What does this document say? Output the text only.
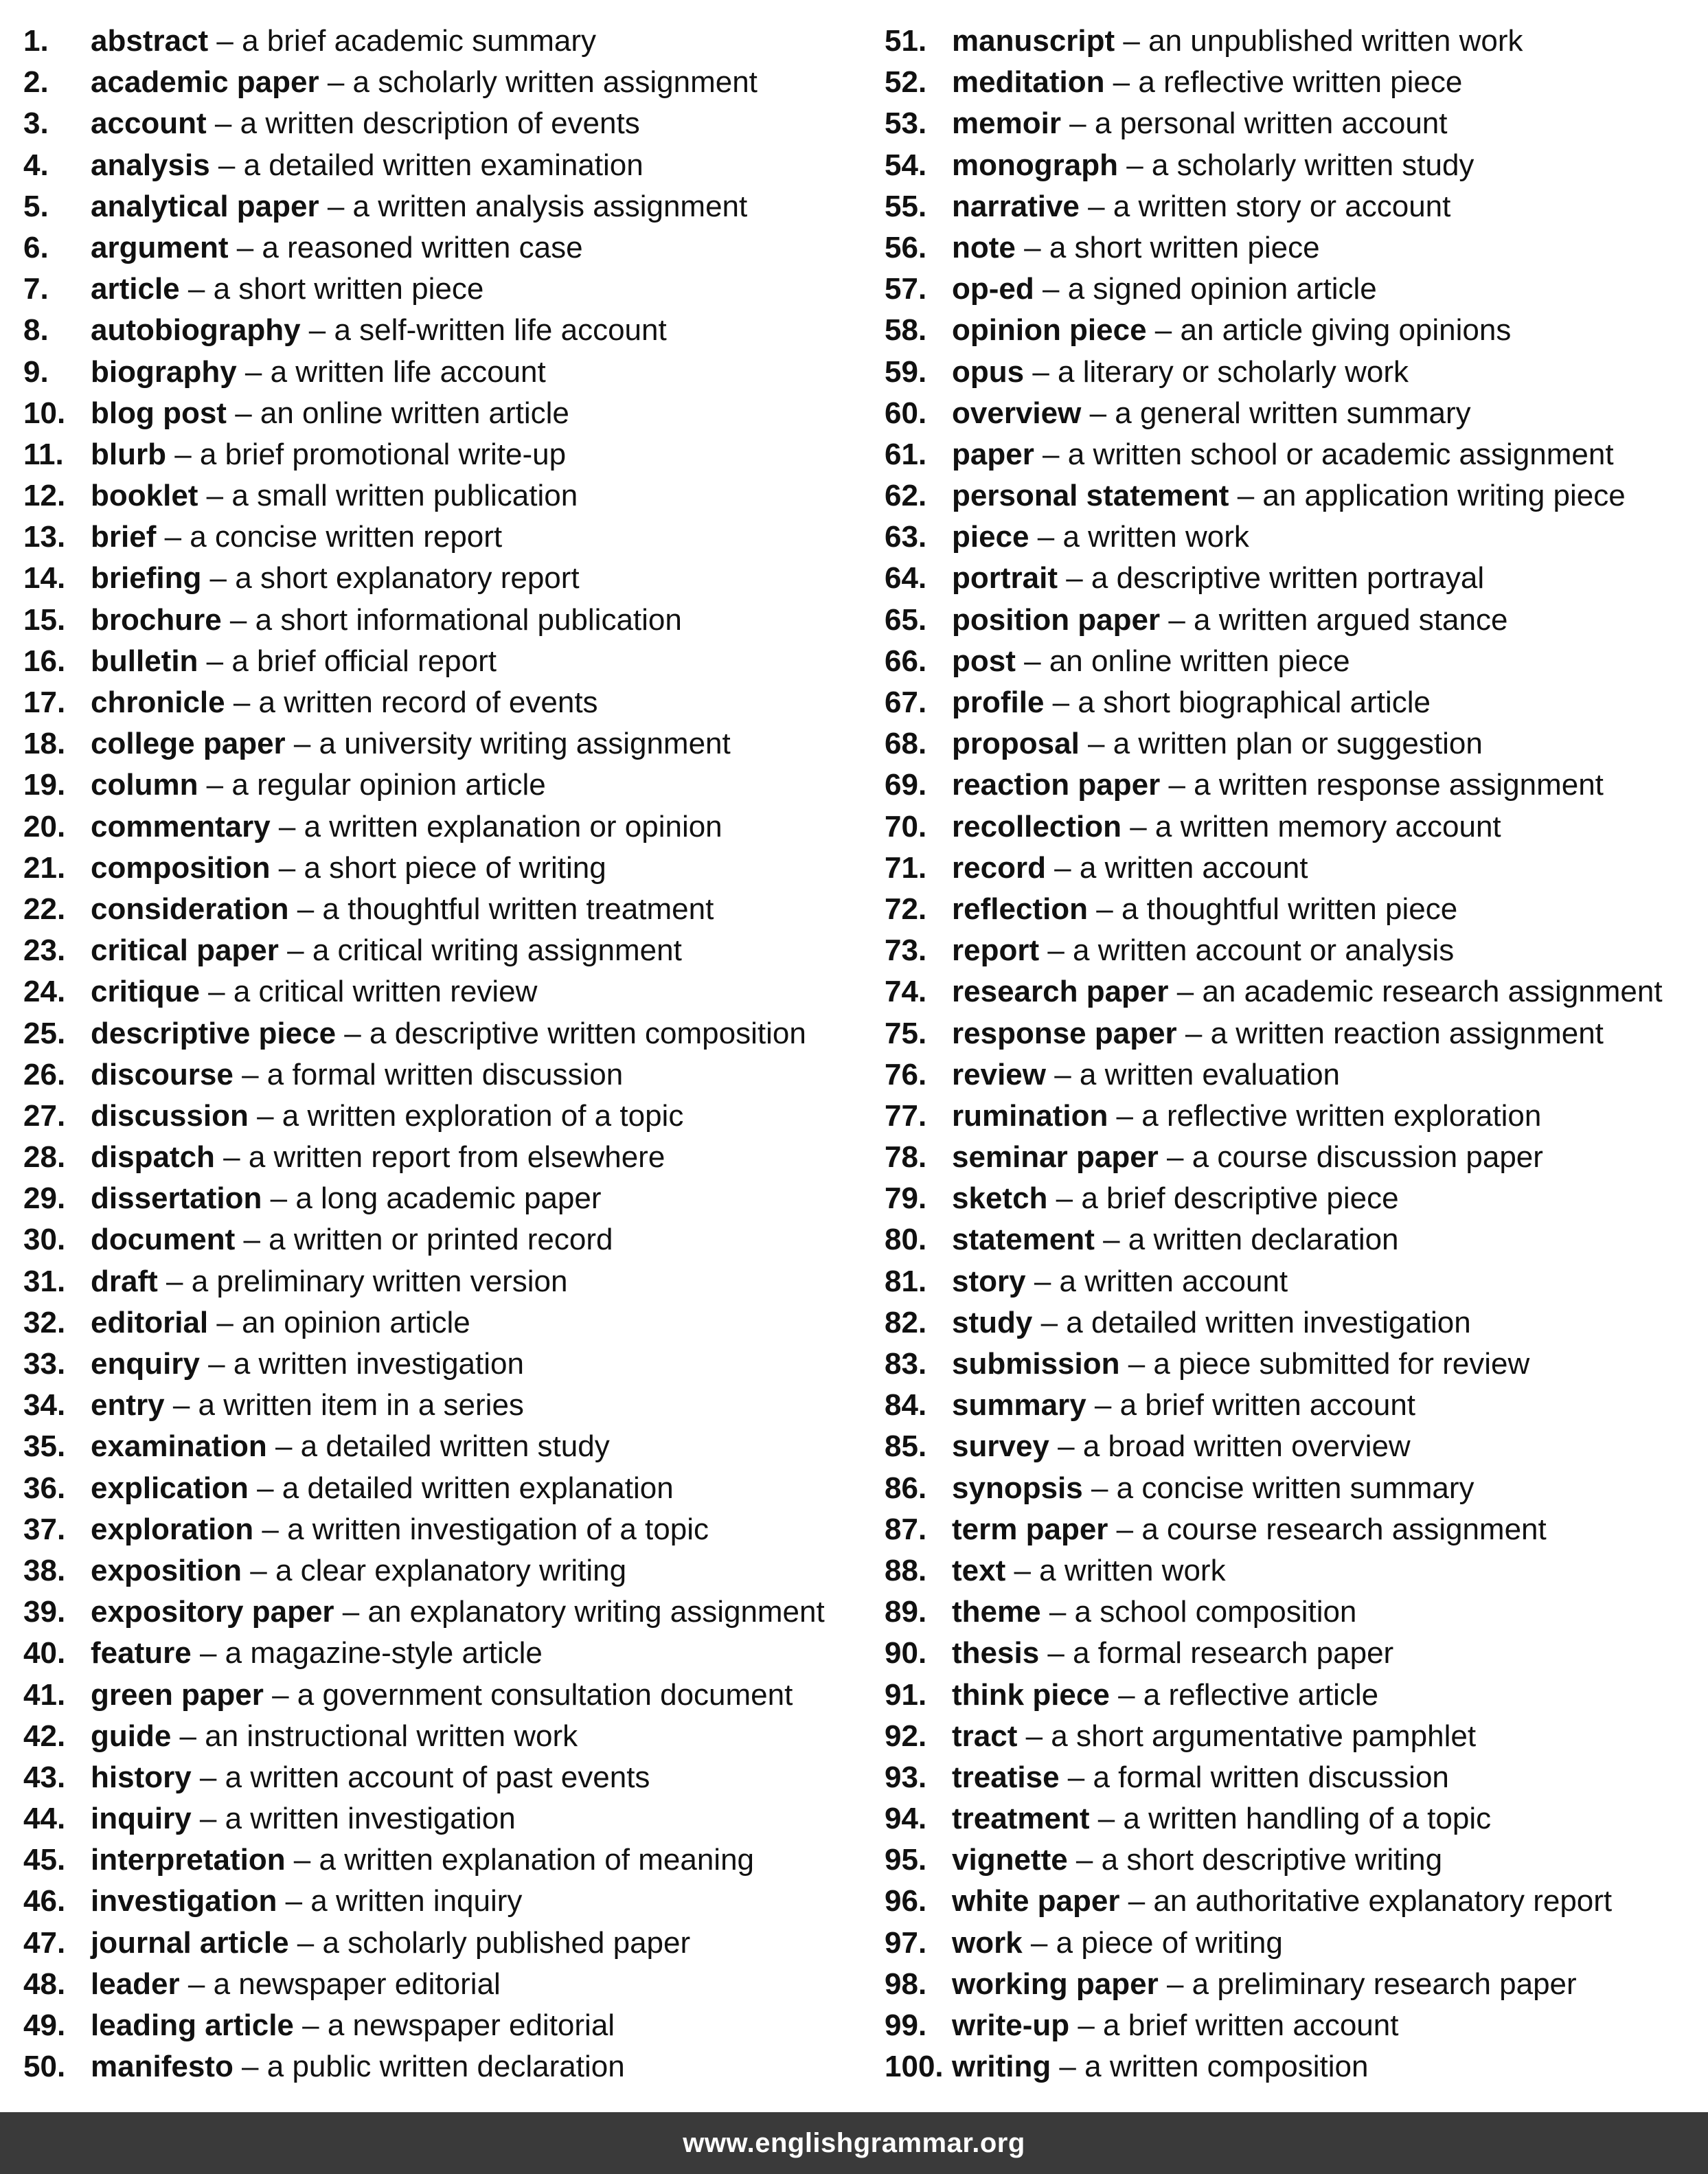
1. abstract – a brief academic summary
2. academic paper – a scholarly written assignment
3. account – a written description of events
4. analysis – a detailed written examination
5. analytical paper – a written analysis assignment
6. argument – a reasoned written case
7. article – a short written piece
8. autobiography – a self-written life account
9. biography – a written life account
10. blog post – an online written article
11. blurb – a brief promotional write-up
12. booklet – a small written publication
13. brief – a concise written report
14. briefing – a short explanatory report
15. brochure – a short informational publication
16. bulletin – a brief official report
17. chronicle – a written record of events
18. college paper – a university writing assignment
19. column – a regular opinion article
20. commentary – a written explanation or opinion
21. composition – a short piece of writing
22. consideration – a thoughtful written treatment
23. critical paper – a critical writing assignment
24. critique – a critical written review
25. descriptive piece – a descriptive written composition
26. discourse – a formal written discussion
27. discussion – a written exploration of a topic
28. dispatch – a written report from elsewhere
29. dissertation – a long academic paper
30. document – a written or printed record
31. draft – a preliminary written version
32. editorial – an opinion article
33. enquiry – a written investigation
34. entry – a written item in a series
35. examination – a detailed written study
36. explication – a detailed written explanation
37. exploration – a written investigation of a topic
38. exposition – a clear explanatory writing
39. expository paper – an explanatory writing assignment
40. feature – a magazine-style article
41. green paper – a government consultation document
42. guide – an instructional written work
43. history – a written account of past events
44. inquiry – a written investigation
45. interpretation – a written explanation of meaning
46. investigation – a written inquiry
47. journal article – a scholarly published paper
48. leader – a newspaper editorial
49. leading article – a newspaper editorial
50. manifesto – a public written declaration
51. manuscript – an unpublished written work
52. meditation – a reflective written piece
53. memoir – a personal written account
54. monograph – a scholarly written study
55. narrative – a written story or account
56. note – a short written piece
57. op-ed – a signed opinion article
58. opinion piece – an article giving opinions
59. opus – a literary or scholarly work
60. overview – a general written summary
61. paper – a written school or academic assignment
62. personal statement – an application writing piece
63. piece – a written work
64. portrait – a descriptive written portrayal
65. position paper – a written argued stance
66. post – an online written piece
67. profile – a short biographical article
68. proposal – a written plan or suggestion
69. reaction paper – a written response assignment
70. recollection – a written memory account
71. record – a written account
72. reflection – a thoughtful written piece
73. report – a written account or analysis
74. research paper – an academic research assignment
75. response paper – a written reaction assignment
76. review – a written evaluation
77. rumination – a reflective written exploration
78. seminar paper – a course discussion paper
79. sketch – a brief descriptive piece
80. statement – a written declaration
81. story – a written account
82. study – a detailed written investigation
83. submission – a piece submitted for review
84. summary – a brief written account
85. survey – a broad written overview
86. synopsis – a concise written summary
87. term paper – a course research assignment
88. text – a written work
89. theme – a school composition
90. thesis – a formal research paper
91. think piece – a reflective article
92. tract – a short argumentative pamphlet
93. treatise – a formal written discussion
94. treatment – a written handling of a topic
95. vignette – a short descriptive writing
96. white paper – an authoritative explanatory report
97. work – a piece of writing
98. working paper – a preliminary research paper
99. write-up – a brief written account
100. writing – a written composition
www.englishgrammar.org
